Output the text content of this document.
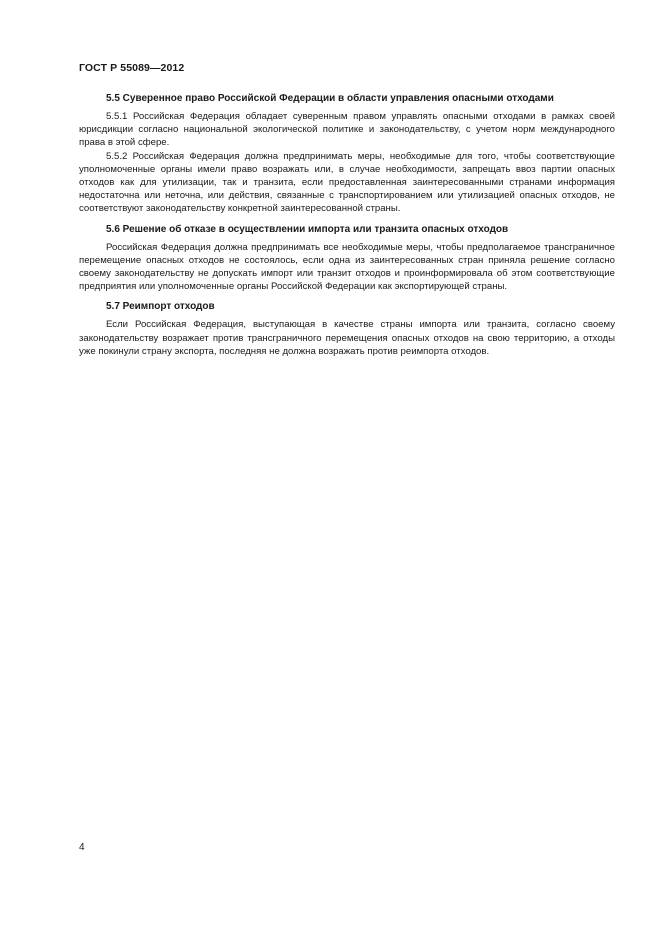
ГОСТ Р 55089—2012
5.5 Суверенное право Российской Федерации в области управления опасными отходами

5.5.1 Российская Федерация обладает суверенным правом управлять опасными отходами в рамках своей юрисдикции согласно национальной экологической политике и законодательству, с учетом норм международного права в этой сфере.

5.5.2 Российская Федерация должна предпринимать меры, необходимые для того, чтобы соответствующие уполномоченные органы имели право возражать или, в случае необходимости, запрещать ввоз партии опасных отходов как для утилизации, так и транзита, если предоставленная заинтересованными странами информация недостаточна или неточна, или действия, связанные с транспортированием или утилизацией опасных отходов, не соответствуют законодательству конкретной заинтересованной страны.

5.6 Решение об отказе в осуществлении импорта или транзита опасных отходов

Российская Федерация должна предпринимать все необходимые меры, чтобы предполагаемое трансграничное перемещение опасных отходов не состоялось, если одна из заинтересованных стран приняла решение согласно своему законодательству не допускать импорт или транзит отходов и проинформировала об этом соответствующие предприятия или уполномоченные органы Российской Федерации как экспортирующей страны.

5.7 Реимпорт отходов

Если Российская Федерация, выступающая в качестве страны импорта или транзита, согласно своему законодательству возражает против трансграничного перемещения опасных отходов на свою территорию, а отходы уже покинули страну экспорта, последняя не должна возражать против реимпорта отходов.

4
